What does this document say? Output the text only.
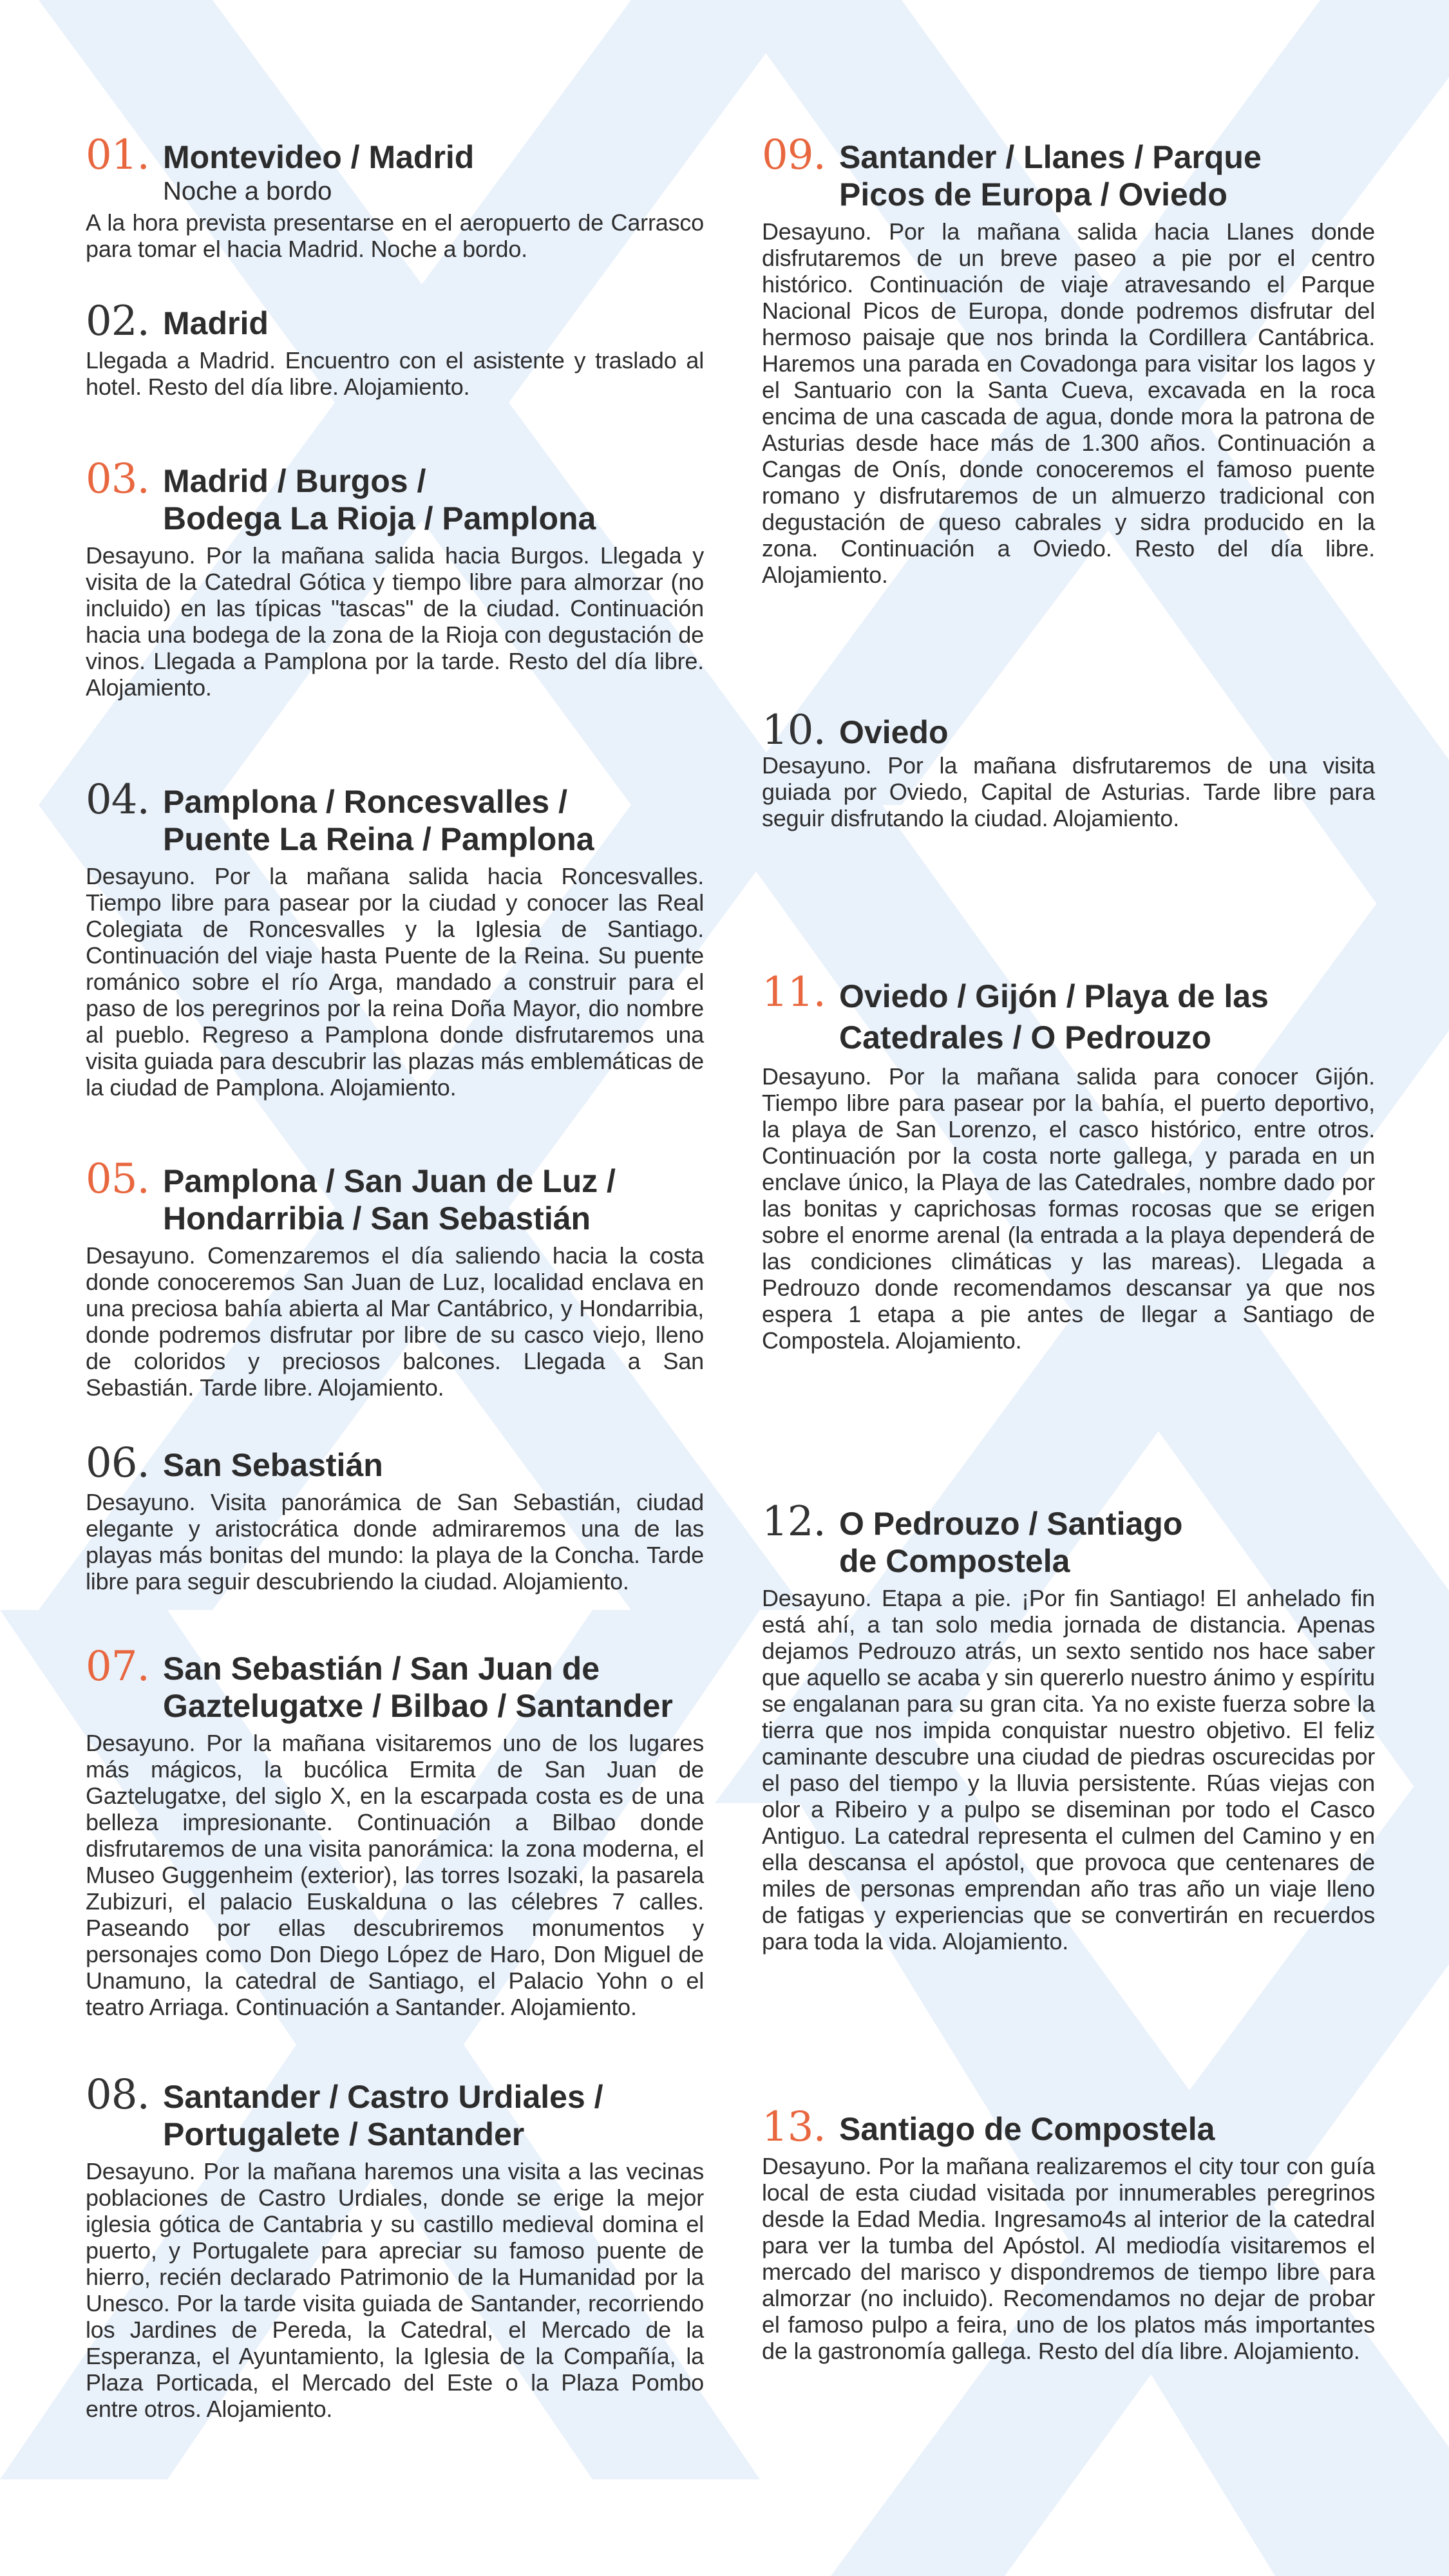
01. Montevideo / Madrid
Noche a bordo
A la hora prevista presentarse en el aeropuerto de Carrasco para tomar el hacia Madrid. Noche a bordo.
02. Madrid
Llegada a Madrid. Encuentro con el asistente y traslado al hotel. Resto del día libre. Alojamiento.
03. Madrid / Burgos /
Bodega La Rioja / Pamplona
Desayuno. Por la mañana salida hacia Burgos. Llegada y visita de la Catedral Gótica y tiempo libre para almorzar (no incluido) en las típicas "tascas" de la ciudad. Continuación hacia una bodega de la zona de la Rioja con degustación de vinos. Llegada a Pamplona por la tarde. Resto del día libre. Alojamiento.
04. Pamplona / Roncesvalles /
Puente La Reina / Pamplona
Desayuno. Por la mañana salida hacia Roncesvalles. Tiempo libre para pasear por la ciudad y conocer las Real Colegiata de Roncesvalles y la Iglesia de Santiago. Continuación del viaje hasta Puente de la Reina. Su puente románico sobre el río Arga, mandado a construir para el paso de los peregrinos por la reina Doña Mayor, dio nombre al pueblo. Regreso a Pamplona donde disfrutaremos una visita guiada para descubrir las plazas más emblemáticas de la ciudad de Pamplona. Alojamiento.
05. Pamplona / San Juan de Luz /
Hondarribia / San Sebastián
Desayuno. Comenzaremos el día saliendo hacia la costa donde conoceremos San Juan de Luz, localidad enclava en una preciosa bahía abierta al Mar Cantábrico, y Hondarribia, donde podremos disfrutar por libre de su casco viejo, lleno de coloridos y preciosos balcones. Llegada a San Sebastián. Tarde libre. Alojamiento.
06. San Sebastián
Desayuno. Visita panorámica de San Sebastián, ciudad elegante y aristocrática donde admiraremos una de las playas más bonitas del mundo: la playa de la Concha. Tarde libre para seguir descubriendo la ciudad. Alojamiento.
07. San Sebastián / San Juan de
Gaztelugatxe / Bilbao / Santander
Desayuno. Por la mañana visitaremos uno de los lugares más mágicos, la bucólica Ermita de San Juan de Gaztelugatxe, del siglo X, en la escarpada costa es de una belleza impresionante. Continuación a Bilbao donde disfrutaremos de una visita panorámica: la zona moderna, el Museo Guggenheim (exterior), las torres Isozaki, la pasarela Zubizuri, el palacio Euskalduna o las célebres 7 calles. Paseando por ellas descubriremos monumentos y personajes como Don Diego López de Haro, Don Miguel de Unamuno, la catedral de Santiago, el Palacio Yohn o el teatro Arriaga. Continuación a Santander. Alojamiento.
08. Santander / Castro Urdiales /
Portugalete / Santander
Desayuno. Por la mañana haremos una visita a las vecinas poblaciones de Castro Urdiales, donde se erige la mejor iglesia gótica de Cantabria y su castillo medieval domina el puerto, y Portugalete para apreciar su famoso puente de hierro, recién declarado Patrimonio de la Humanidad por la Unesco. Por la tarde visita guiada de Santander, recorriendo los Jardines de Pereda, la Catedral, el Mercado de la Esperanza, el Ayuntamiento, la Iglesia de la Compañía, la Plaza Porticada, el Mercado del Este o la Plaza Pombo entre otros. Alojamiento.
09. Santander / Llanes / Parque
Picos de Europa / Oviedo
Desayuno. Por la mañana salida hacia Llanes donde disfrutaremos de un breve paseo a pie por el centro histórico. Continuación de viaje atravesando el Parque Nacional Picos de Europa, donde podremos disfrutar del hermoso paisaje que nos brinda la Cordillera Cantábrica. Haremos una parada en Covadonga para visitar los lagos y el Santuario con la Santa Cueva, excavada en la roca encima de una cascada de agua, donde mora la patrona de Asturias desde hace más de 1.300 años. Continuación a Cangas de Onís, donde conoceremos el famoso puente romano y disfrutaremos de un almuerzo tradicional con degustación de queso cabrales y sidra producido en la zona. Continuación a Oviedo. Resto del día libre. Alojamiento.
10. Oviedo
Desayuno. Por la mañana disfrutaremos de una visita guiada por Oviedo, Capital de Asturias. Tarde libre para seguir disfrutando la ciudad. Alojamiento.
11. Oviedo / Gijón / Playa de las
Catedrales / O Pedrouzo
Desayuno. Por la mañana salida para conocer Gijón. Tiempo libre para pasear por la bahía, el puerto deportivo, la playa de San Lorenzo, el casco histórico, entre otros. Continuación por la costa norte gallega, y parada en un enclave único, la Playa de las Catedrales, nombre dado por las bonitas y caprichosas formas rocosas que se erigen sobre el enorme arenal (la entrada a la playa dependerá de las condiciones climáticas y las mareas). Llegada a Pedrouzo donde recomendamos descansar ya que nos espera 1 etapa a pie antes de llegar a Santiago de Compostela. Alojamiento.
12. O Pedrouzo / Santiago
de Compostela
Desayuno. Etapa a pie. ¡Por fin Santiago! El anhelado fin está ahí, a tan solo media jornada de distancia. Apenas dejamos Pedrouzo atrás, un sexto sentido nos hace saber que aquello se acaba y sin quererlo nuestro ánimo y espíritu se engalanan para su gran cita. Ya no existe fuerza sobre la tierra que nos impida conquistar nuestro objetivo. El feliz caminante descubre una ciudad de piedras oscurecidas por el paso del tiempo y la lluvia persistente. Rúas viejas con olor a Ribeiro y a pulpo se diseminan por todo el Casco Antiguo. La catedral representa el culmen del Camino y en ella descansa el apóstol, que provoca que centenares de miles de personas emprendan año tras año un viaje lleno de fatigas y experiencias que se convertirán en recuerdos para toda la vida. Alojamiento.
13. Santiago de Compostela
Desayuno. Por la mañana realizaremos el city tour con guía local de esta ciudad visitada por innumerables peregrinos desde la Edad Media. Ingresamo4s al interior de la catedral para ver la tumba del Apóstol. Al mediodía visitaremos el mercado del marisco y dispondremos de tiempo libre para almorzar (no incluido). Recomendamos no dejar de probar el famoso pulpo a feira, uno de los platos más importantes de la gastronomía gallega. Resto del día libre. Alojamiento.
